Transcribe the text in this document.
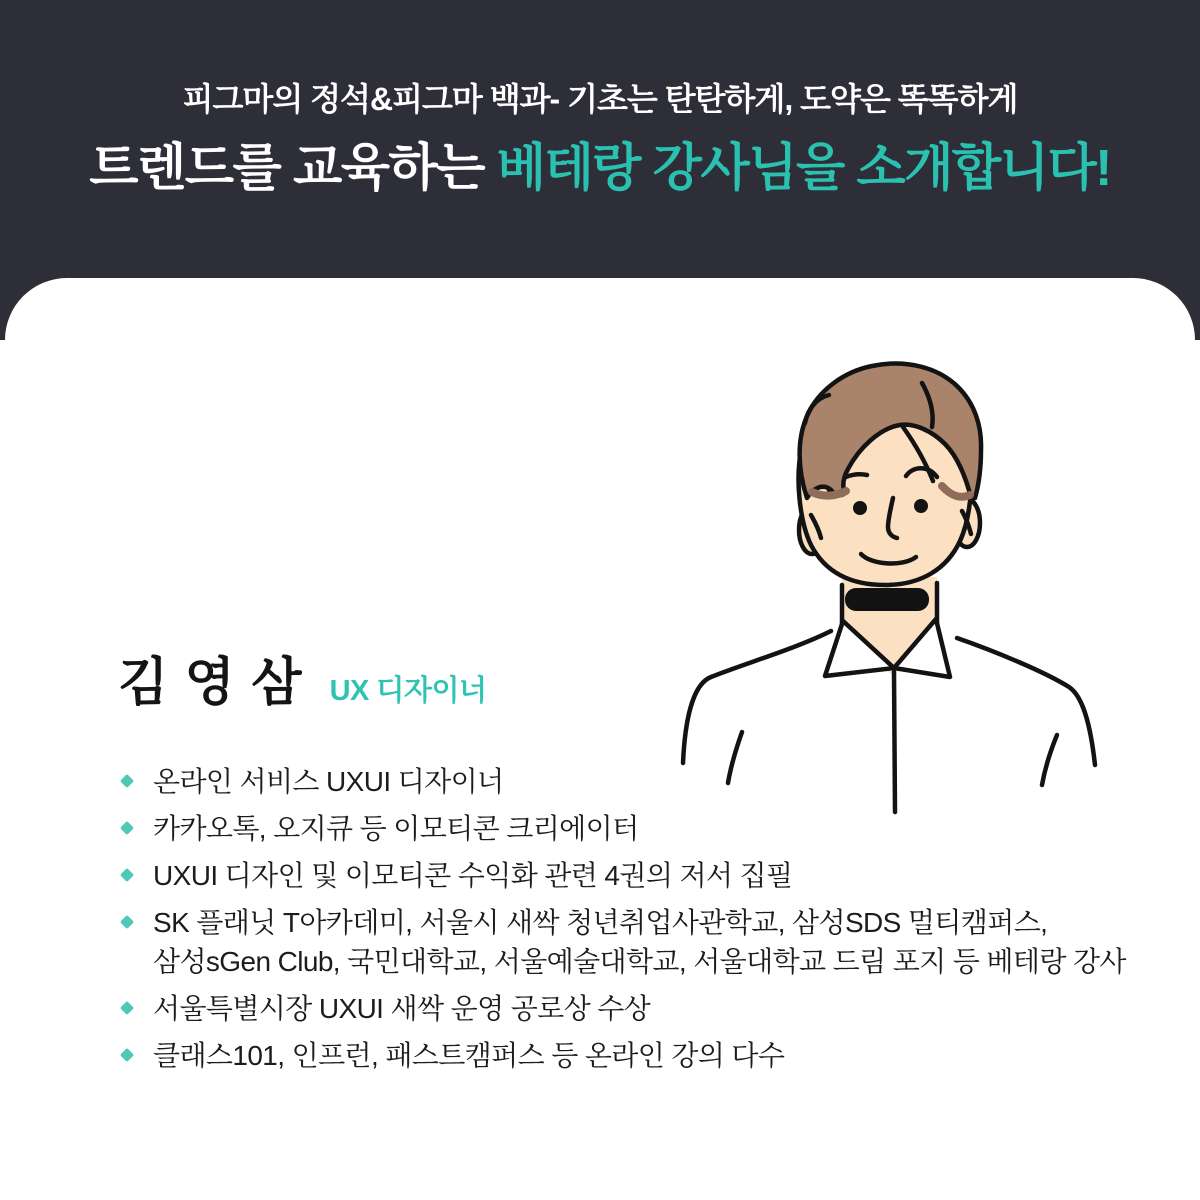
피그마의 정석&피그마 백과- 기초는 탄탄하게, 도약은 똑똑하게
트렌드를 교육하는 베테랑 강사님을 소개합니다!
김 영 삼 UX 디자이너
온라인 서비스 UXUI 디자이너
카카오톡, 오지큐 등 이모티콘 크리에이터
UXUI 디자인 및 이모티콘 수익화 관련 4권의 저서 집필
SK 플래닛 T아카데미, 서울시 새싹 청년취업사관학교, 삼성SDS 멀티캠퍼스,
삼성sGen Club, 국민대학교, 서울예술대학교, 서울대학교 드림 포지 등 베테랑 강사
서울특별시장 UXUI 새싹 운영 공로상 수상
클래스101, 인프런, 패스트캠퍼스 등 온라인 강의 다수
